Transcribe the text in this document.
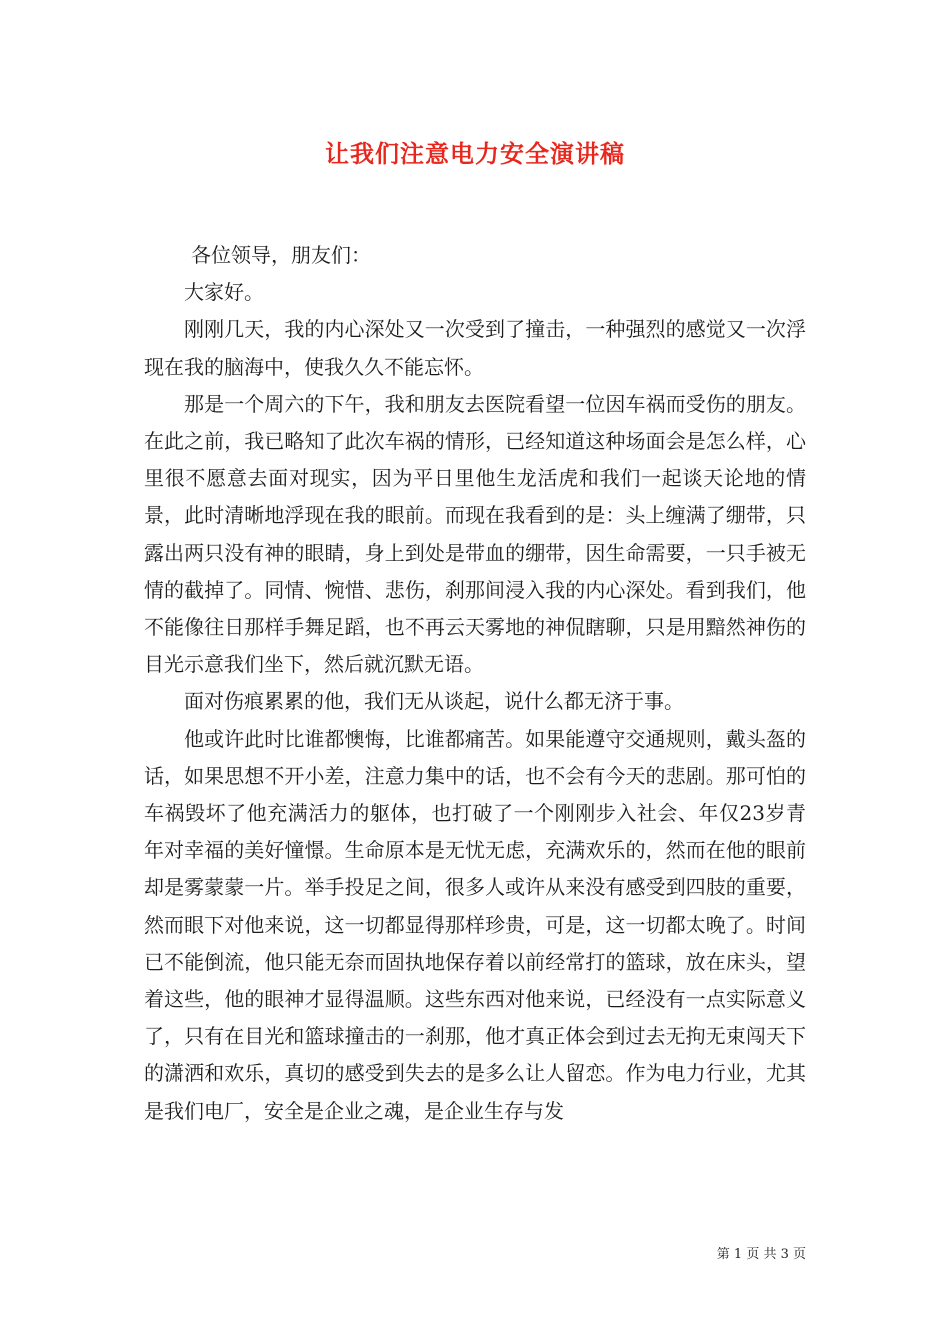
让我们注意电力安全演讲稿

各位领导，朋友们：

大家好。

刚刚几天，我的内心深处又一次受到了撞击，一种强烈的感觉又一次浮现在我的脑海中，使我久久不能忘怀。

那是一个周六的下午，我和朋友去医院看望一位因车祸而受伤的朋友。在此之前，我已略知了此次车祸的情形，已经知道这种场面会是怎么样，心里很不愿意去面对现实，因为平日里他生龙活虎和我们一起谈天论地的情景，此时清晰地浮现在我的眼前。而现在我看到的是：头上缠满了绷带，只露出两只没有神的眼睛，身上到处是带血的绷带，因生命需要，一只手被无情的截掉了。同情、惋惜、悲伤，刹那间浸入我的内心深处。看到我们，他不能像往日那样手舞足蹈，也不再云天雾地的神侃瞎聊，只是用黯然神伤的目光示意我们坐下，然后就沉默无语。

面对伤痕累累的他，我们无从谈起，说什么都无济于事。

他或许此时比谁都懊悔，比谁都痛苦。如果能遵守交通规则，戴头盔的话，如果思想不开小差，注意力集中的话，也不会有今天的悲剧。那可怕的车祸毁坏了他充满活力的躯体，也打破了一个刚刚步入社会、年仅23岁青年对幸福的美好憧憬。生命原本是无忧无虑，充满欢乐的，然而在他的眼前却是雾蒙蒙一片。举手投足之间，很多人或许从来没有感受到四肢的重要，然而眼下对他来说，这一切都显得那样珍贵，可是，这一切都太晚了。时间已不能倒流，他只能无奈而固执地保存着以前经常打的篮球，放在床头，望着这些，他的眼神才显得温顺。这些东西对他来说，已经没有一点实际意义了，只有在目光和篮球撞击的一刹那，他才真正体会到过去无拘无束闯天下的潇洒和欢乐，真切的感受到失去的是多么让人留恋。作为电力行业，尤其是我们电厂，安全是企业之魂，是企业生存与发

第 1 页 共 3 页
